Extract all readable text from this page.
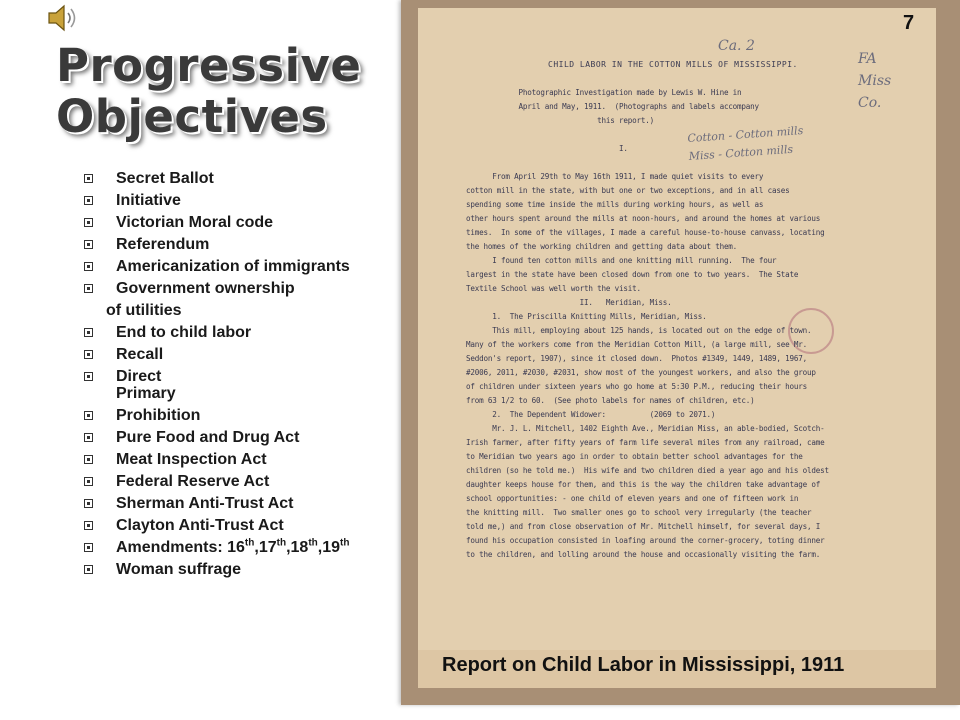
Progressive
Objectives
Secret Ballot
Initiative
Victorian Moral code
Referendum
Americanization of immigrants
Government ownership
of utilities
End to child labor
Recall
Direct
Primary
Prohibition
Pure Food and Drug Act
Meat Inspection Act
Federal Reserve Act
Sherman Anti-Trust Act
Clayton Anti-Trust Act
Amendments: 16th,17th,18th,19th
Woman suffrage
CHILD LABOR IN THE COTTON MILLS OF MISSISSIPPI.
Ca. 2
FA
Miss
Co.
Cotton - Cotton mills
Miss - Cotton mills
Photographic Investigation made by Lewis W. Hine in
April and May, 1911.  (Photographs and labels accompany
this report.)

I.

From April 29th to May 16th 1911, I made quiet visits to every
cotton mill in the state, with but one or two exceptions, and in all cases
spending some time inside the mills during working hours, as well as
other hours spent around the mills at noon-hours, and around the homes at various
times.  In some of the villages, I made a careful house-to-house canvass, locating
the homes of the working children and getting data about them.
I found ten cotton mills and one knitting mill running.  The four
largest in the state have been closed down from one to two years.  The State
Textile School was well worth the visit.
II.   Meridian, Miss.
1.  The Priscilla Knitting Mills, Meridian, Miss.
This mill, employing about 125 hands, is located out on the edge of town.
Many of the workers come from the Meridian Cotton Mill, (a large mill, see Mr.
Seddon's report, 1907), since it closed down.  Photos #1349, 1449, 1489, 1967,
#2006, 2011, #2030, #2031, show most of the youngest workers, and also the group
of children under sixteen years who go home at 5:30 P.M., reducing their hours
from 63 1/2 to 60.  (See photo labels for names of children, etc.)
2.  The Dependent Widower:          (2069 to 2071.)
Mr. J. L. Mitchell, 1402 Eighth Ave., Meridian Miss, an able-bodied, Scotch-
Irish farmer, after fifty years of farm life several miles from any railroad, came
to Meridian two years ago in order to obtain better school advantages for the
children (so he told me.)  His wife and two children died a year ago and his oldest
daughter keeps house for them, and this is the way the children take advantage of
school opportunities: - one child of eleven years and one of fifteen work in
the knitting mill.  Two smaller ones go to school very irregularly (the teacher
told me,) and from close observation of Mr. Mitchell himself, for several days, I
found his occupation consisted in loafing around the corner-grocery, toting dinner
to the children, and lolling around the house and occasionally visiting the farm.
7

Report on Child Labor in Mississippi, 1911
